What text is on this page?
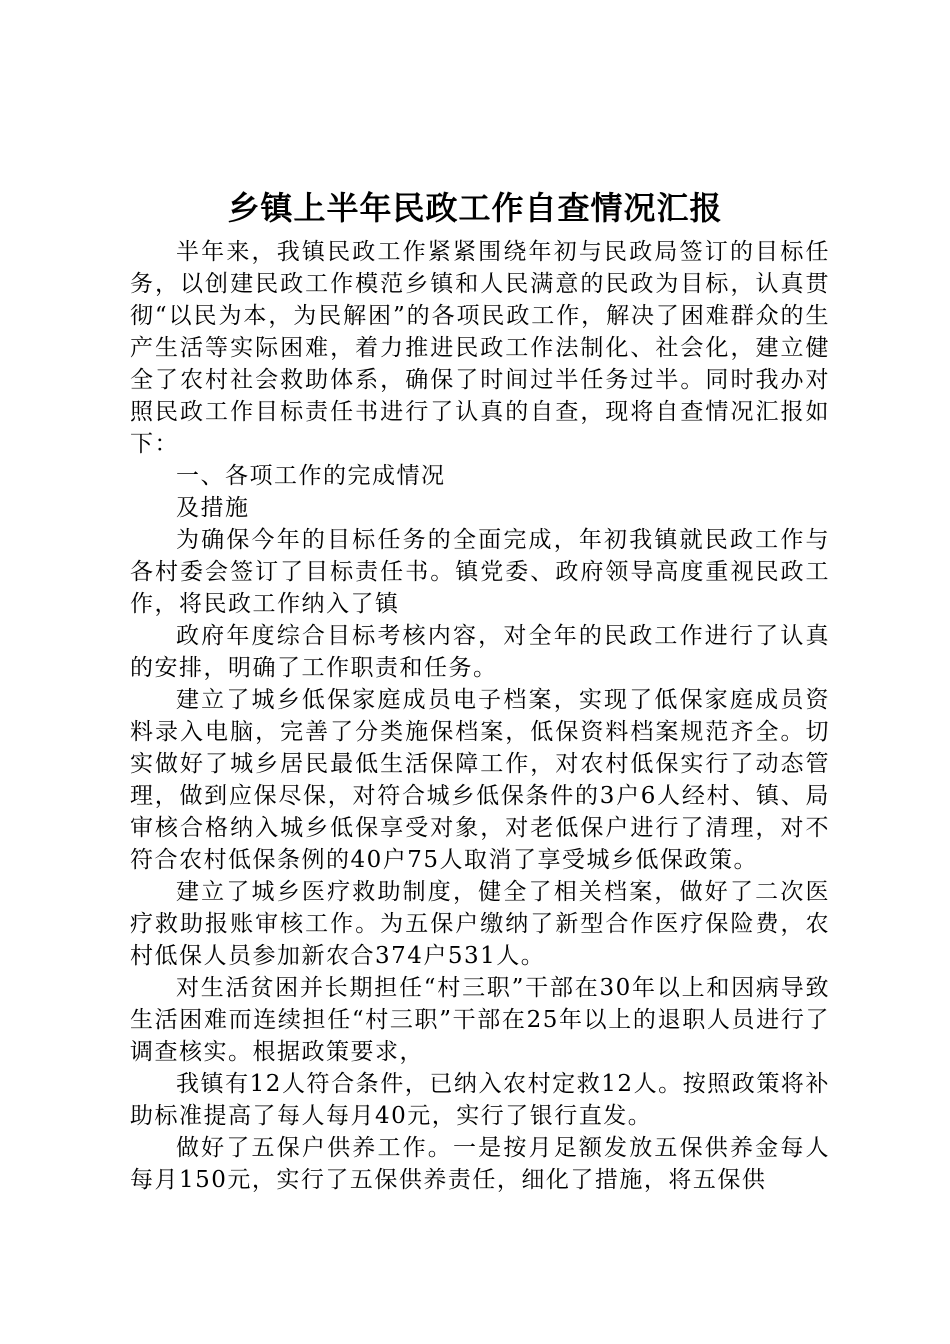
乡镇上半年民政工作自查情况汇报

半年来，我镇民政工作紧紧围绕年初与民政局签订的目标任务，以创建民政工作模范乡镇和人民满意的民政为目标，认真贯彻“以民为本，为民解困”的各项民政工作，解决了困难群众的生产生活等实际困难，着力推进民政工作法制化、社会化，建立健全了农村社会救助体系，确保了时间过半任务过半。同时我办对照民政工作目标责任书进行了认真的自查，现将自查情况汇报如下：

一、各项工作的完成情况

及措施

为确保今年的目标任务的全面完成，年初我镇就民政工作与各村委会签订了目标责任书。镇党委、政府领导高度重视民政工作，将民政工作纳入了镇

政府年度综合目标考核内容，对全年的民政工作进行了认真的安排，明确了工作职责和任务。

建立了城乡低保家庭成员电子档案，实现了低保家庭成员资料录入电脑，完善了分类施保档案，低保资料档案规范齐全。切实做好了城乡居民最低生活保障工作，对农村低保实行了动态管理，做到应保尽保，对符合城乡低保条件的3户6人经村、镇、局审核合格纳入城乡低保享受对象，对老低保户进行了清理，对不符合农村低保条例的40户75人取消了享受城乡低保政策。

建立了城乡医疗救助制度，健全了相关档案，做好了二次医疗救助报账审核工作。为五保户缴纳了新型合作医疗保险费，农村低保人员参加新农合374户531人。

对生活贫困并长期担任“村三职”干部在30年以上和因病导致生活困难而连续担任“村三职”干部在25年以上的退职人员进行了调查核实。根据政策要求，

我镇有12人符合条件，已纳入农村定救12人。按照政策将补助标准提高了每人每月40元，实行了银行直发。

做好了五保户供养工作。一是按月足额发放五保供养金每人每月150元，实行了五保供养责任，细化了措施，将五保供
